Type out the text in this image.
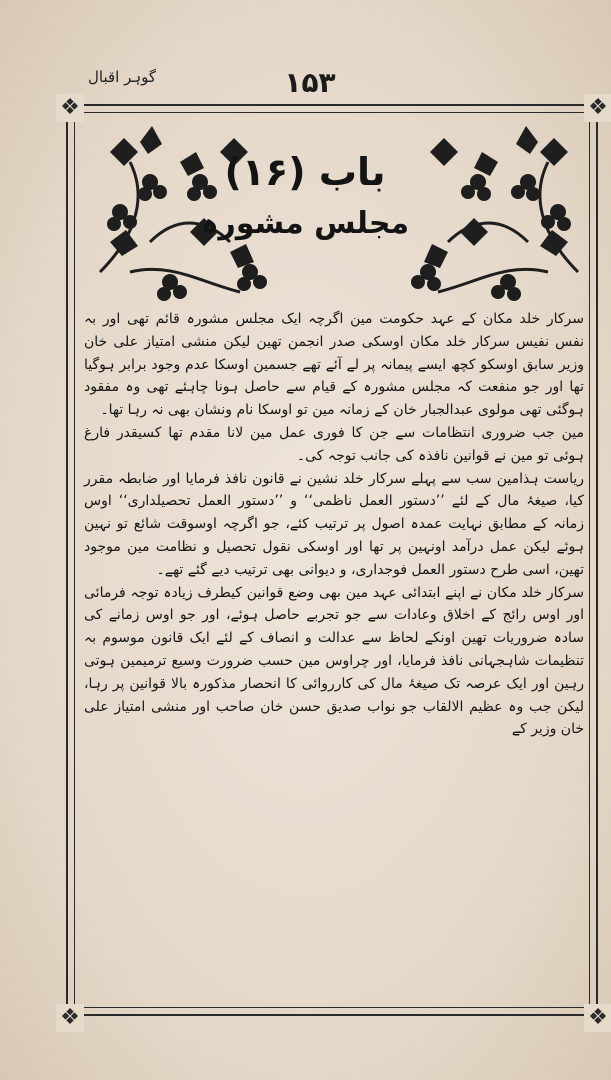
گوہر اقبال	۱۵۳
❖	❖
❖	❖
باب (۱۶)
مجلس مشورہ

سرکار خلد مکان کے عہد حکومت مین اگرچہ ایک مجلس مشورہ قائم تھی اور بہ نفس نفیس سرکار خلد مکان اوسکی صدر انجمن تھین لیکن منشی امتیاز علی خان وزیر سابق اوسکو کچھ ایسے پیمانہ پر لے آئے تھے جسمین اوسکا عدم وجود برابر ہوگیا تھا اور جو منفعت کہ مجلس مشورہ کے قیام سے حاصل ہونا چاہئے تھی وہ مفقود ہوگئی تھی مولوی عبدالجبار خان کے زمانہ مین تو اوسکا نام ونشان بھی نہ رہا تھا۔

مین جب ضروری انتظامات سے جن کا فوری عمل مین لانا مقدم تھا کسیقدر فارغ ہوئی تو مین نے قوانین نافذہ کی جانب توجہ کی۔

ریاست ہذامین سب سے پہلے سرکار خلد نشین نے قانون نافذ فرمایا اور ضابطہ مقرر کیا، صیغۂ مال کے لئے ’’دستور العمل ناظمی‘‘ و ’’دستور العمل تحصیلداری‘‘ اوس زمانہ کے مطابق نہایت عمدہ اصول پر ترتیب کئے، جو اگرچہ اوسوقت شائع تو نہین ہوئے لیکن عمل درآمد اونہین پر تھا اور اوسکی نقول تحصیل و نظامت مین موجود تھین، اسی طرح دستور العمل فوجداری، و دیوانی بھی ترتیب دیے گئے تھے۔

سرکار خلد مکان نے اپنے ابتدائی عہد مین بھی وضع قوانین کیطرف زیادہ توجہ فرمائی اور اوس رائج کے اخلاق وعادات سے جو تجربے حاصل ہوئے، اور جو اوس زمانے کی سادہ ضروریات تھین اونکے لحاظ سے عدالت و انصاف کے لئے ایک قانون موسوم بہ تنظیمات شاہجہانی نافذ فرمایا، اور چراوس مین حسب ضرورت وسیع ترمیمین ہوتی رہین اور ایک عرصہ تک صیغۂ مال کی کارروائی کا انحصار مذکورہ بالا قوانین پر رہا، لیکن جب وہ عظیم الالقاب جو نواب صدیق حسن خان صاحب اور منشی امتیاز علی خان وزیر کے
